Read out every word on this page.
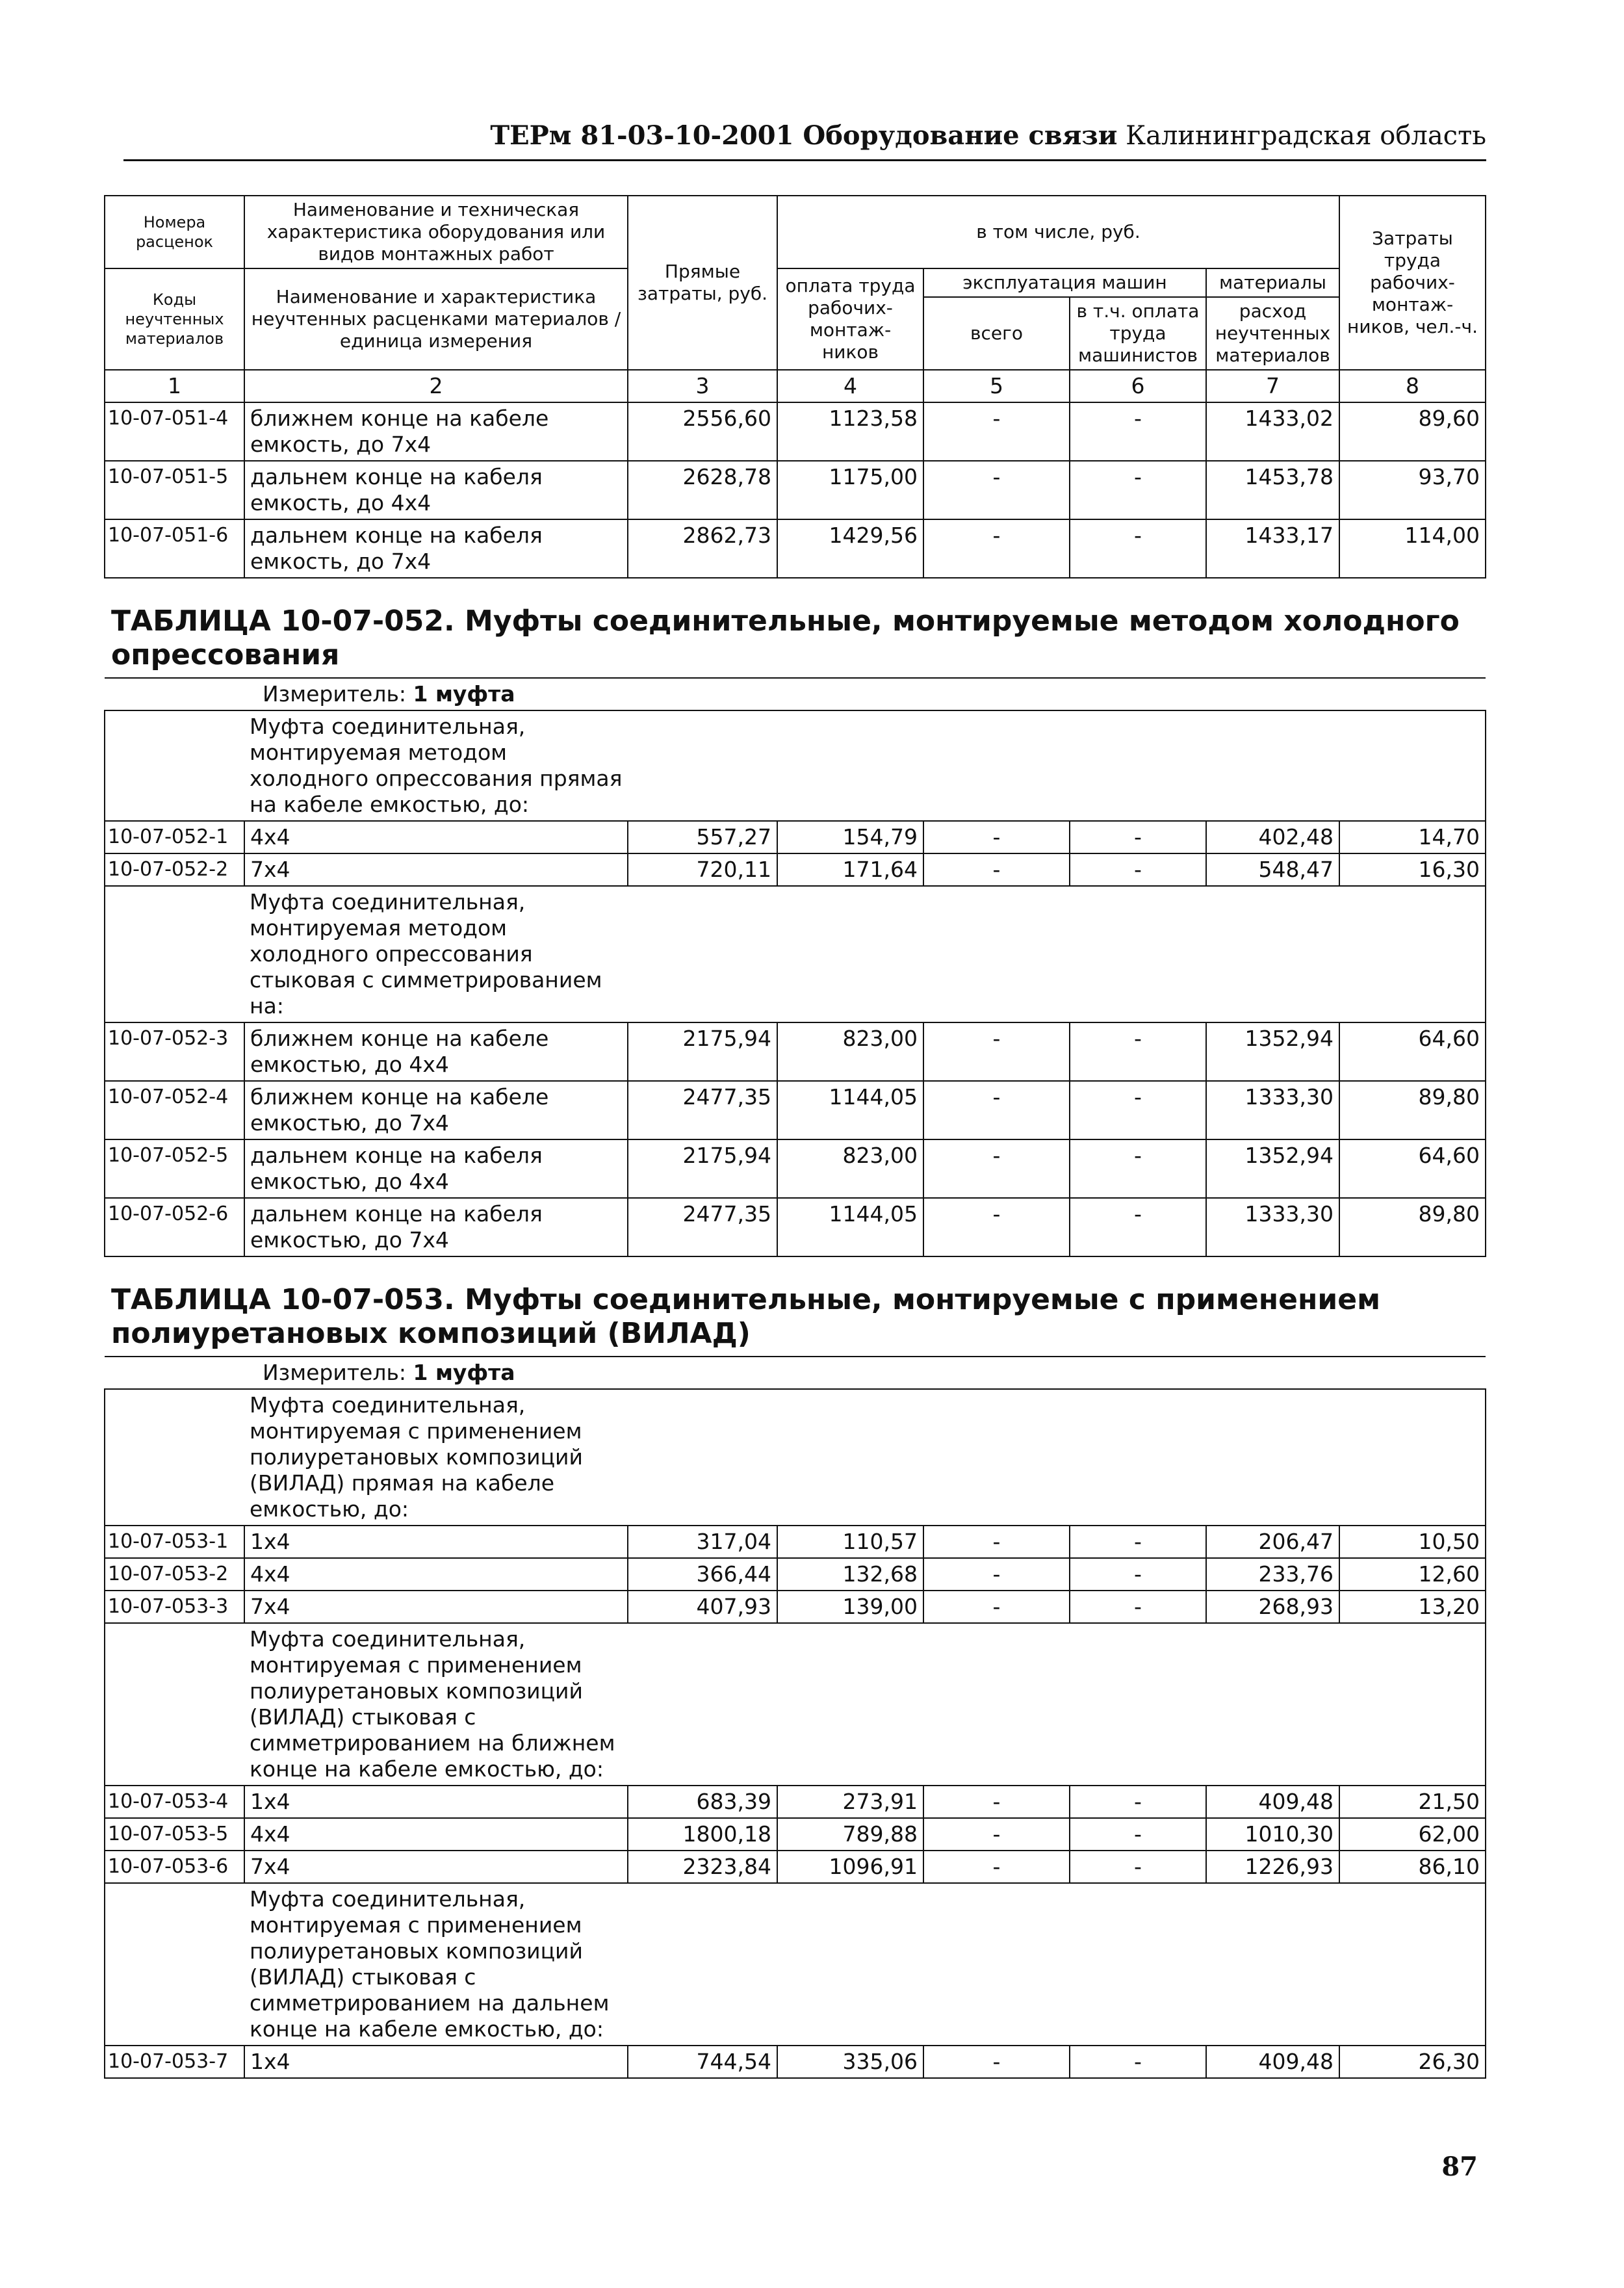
ТЕРм 81-03-10-2001 Оборудование связи Калининградская область
Номера расценок	Наименование и техническая характеристика оборудования или видов монтажных работ	Прямые затраты, руб.	в том числе, руб.				Затраты труда рабочих-монтаж-ников, чел.-ч.
Коды неучтенных материалов	Наименование и характеристика неучтенных расценками материалов / единица измерения		оплата труда рабочих-монтаж-ников	эксплуатация машин		материалы	
				всего	в т.ч. оплата труда машинистов	расход неучтенных материалов	
1	2	3	4	5	6	7	8
10-07-051-4	ближнем конце на кабеле емкость, до 7х4	2556,60	1123,58	-	-	1433,02	89,60
10-07-051-5	дальнем конце на кабеля емкость, до 4х4	2628,78	1175,00	-	-	1453,78	93,70
10-07-051-6	дальнем конце на кабеля емкость, до 7х4	2862,73	1429,56	-	-	1433,17	114,00

ТАБЛИЦА 10-07-052. Муфты соединительные, монтируемые методом холодного опрессования							

Измеритель: 1 муфта							

	Муфта соединительная, монтируемая методом холодного опрессования прямая на кабеле емкостью, до:						
10-07-052-1	4х4	557,27	154,79	-	-	402,48	14,70
10-07-052-2	7х4	720,11	171,64	-	-	548,47	16,30
	Муфта соединительная, монтируемая методом холодного опрессования стыковая с симметрированием на:						
10-07-052-3	ближнем конце на кабеле емкостью, до 4х4	2175,94	823,00	-	-	1352,94	64,60
10-07-052-4	ближнем конце на кабеле емкостью, до 7х4	2477,35	1144,05	-	-	1333,30	89,80
10-07-052-5	дальнем конце на кабеля емкостью, до 4х4	2175,94	823,00	-	-	1352,94	64,60
10-07-052-6	дальнем конце на кабеля емкостью, до 7х4	2477,35	1144,05	-	-	1333,30	89,80

ТАБЛИЦА 10-07-053. Муфты соединительные, монтируемые с применением полиуретановых композиций (ВИЛАД)							

Измеритель: 1 муфта							

	Муфта соединительная, монтируемая с применением полиуретановых композиций (ВИЛАД) прямая на кабеле емкостью, до:						
10-07-053-1	1х4	317,04	110,57	-	-	206,47	10,50
10-07-053-2	4х4	366,44	132,68	-	-	233,76	12,60
10-07-053-3	7х4	407,93	139,00	-	-	268,93	13,20
	Муфта соединительная, монтируемая с применением полиуретановых композиций (ВИЛАД) стыковая с симметрированием на ближнем конце на кабеле емкостью, до:						
10-07-053-4	1х4	683,39	273,91	-	-	409,48	21,50
10-07-053-5	4х4	1800,18	789,88	-	-	1010,30	62,00
10-07-053-6	7х4	2323,84	1096,91	-	-	1226,93	86,10
	Муфта соединительная, монтируемая с применением полиуретановых композиций (ВИЛАД) стыковая с симметрированием на дальнем конце на кабеле емкостью, до:						
10-07-053-7	1х4	744,54	335,06	-	-	409,48	26,30
87
